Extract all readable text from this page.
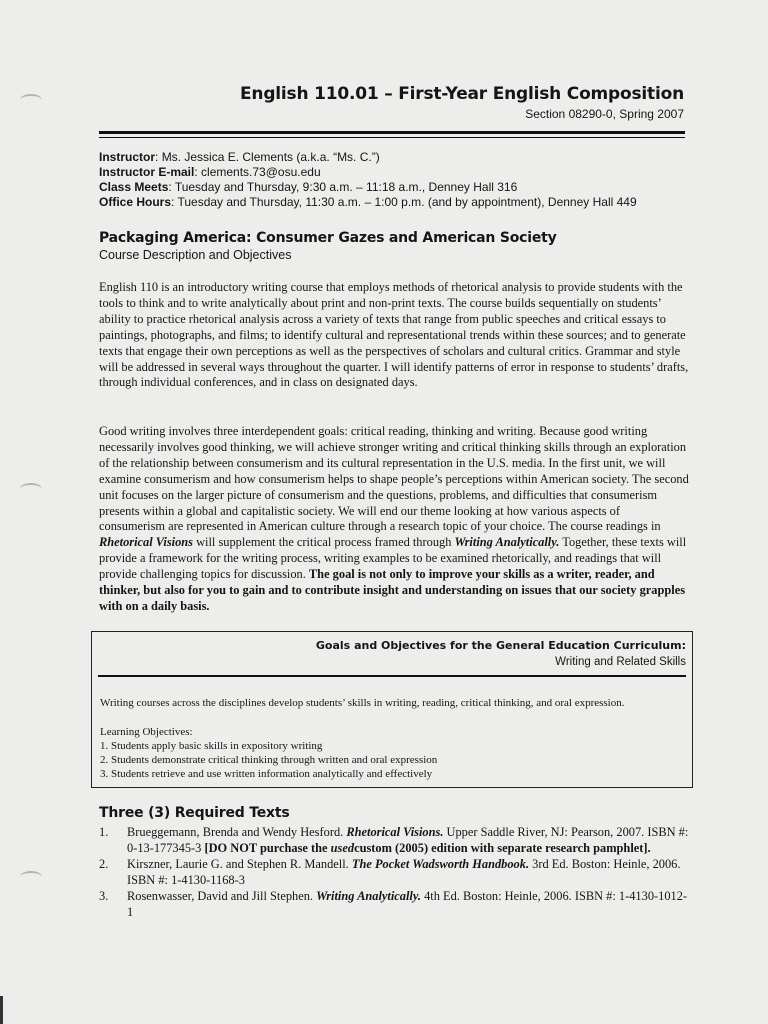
English 110.01 – First-Year English Composition
Section 08290-0, Spring 2007
Instructor: Ms. Jessica E. Clements (a.k.a. “Ms. C.”)
Instructor E-mail: clements.73@osu.edu
Class Meets: Tuesday and Thursday, 9:30 a.m. – 11:18 a.m., Denney Hall 316
Office Hours: Tuesday and Thursday, 11:30 a.m. – 1:00 p.m. (and by appointment), Denney Hall 449
Packaging America: Consumer Gazes and American Society
Course Description and Objectives
English 110 is an introductory writing course that employs methods of rhetorical analysis to provide students with the tools to think and to write analytically about print and non-print texts. The course builds sequentially on students’ ability to practice rhetorical analysis across a variety of texts that range from public speeches and critical essays to paintings, photographs, and films; to identify cultural and representational trends within these sources; and to generate texts that engage their own perceptions as well as the perspectives of scholars and cultural critics. Grammar and style will be addressed in several ways throughout the quarter. I will identify patterns of error in response to students’ drafts, through individual conferences, and in class on designated days.
Good writing involves three interdependent goals: critical reading, thinking and writing. Because good writing necessarily involves good thinking, we will achieve stronger writing and critical thinking skills through an exploration of the relationship between consumerism and its cultural representation in the U.S. media. In the first unit, we will examine consumerism and how consumerism helps to shape people’s perceptions within American society. The second unit focuses on the larger picture of consumerism and the questions, problems, and difficulties that consumerism presents within a global and capitalistic society. We will end our theme looking at how various aspects of consumerism are represented in American culture through a research topic of your choice. The course readings in Rhetorical Visions will supplement the critical process framed through Writing Analytically. Together, these texts will provide a framework for the writing process, writing examples to be examined rhetorically, and readings that will provide challenging topics for discussion. The goal is not only to improve your skills as a writer, reader, and thinker, but also for you to gain and to contribute insight and understanding on issues that our society grapples with on a daily basis.
Goals and Objectives for the General Education Curriculum:
Writing and Related Skills
Writing courses across the disciplines develop students’ skills in writing, reading, critical thinking, and oral expression.
Learning Objectives:
1. Students apply basic skills in expository writing
2. Students demonstrate critical thinking through written and oral expression
3. Students retrieve and use written information analytically and effectively
Three (3) Required Texts
1.	Brueggemann, Brenda and Wendy Hesford. Rhetorical Visions. Upper Saddle River, NJ: Pearson, 2007. ISBN #: 0-13-177345-3 [DO NOT purchase the usedcustom (2005) edition with separate research pamphlet].
2.	Kirszner, Laurie G. and Stephen R. Mandell. The Pocket Wadsworth Handbook. 3rd Ed. Boston: Heinle, 2006. ISBN #: 1-4130-1168-3
3.	Rosenwasser, David and Jill Stephen. Writing Analytically. 4th Ed. Boston: Heinle, 2006. ISBN #: 1-4130-1012-1
